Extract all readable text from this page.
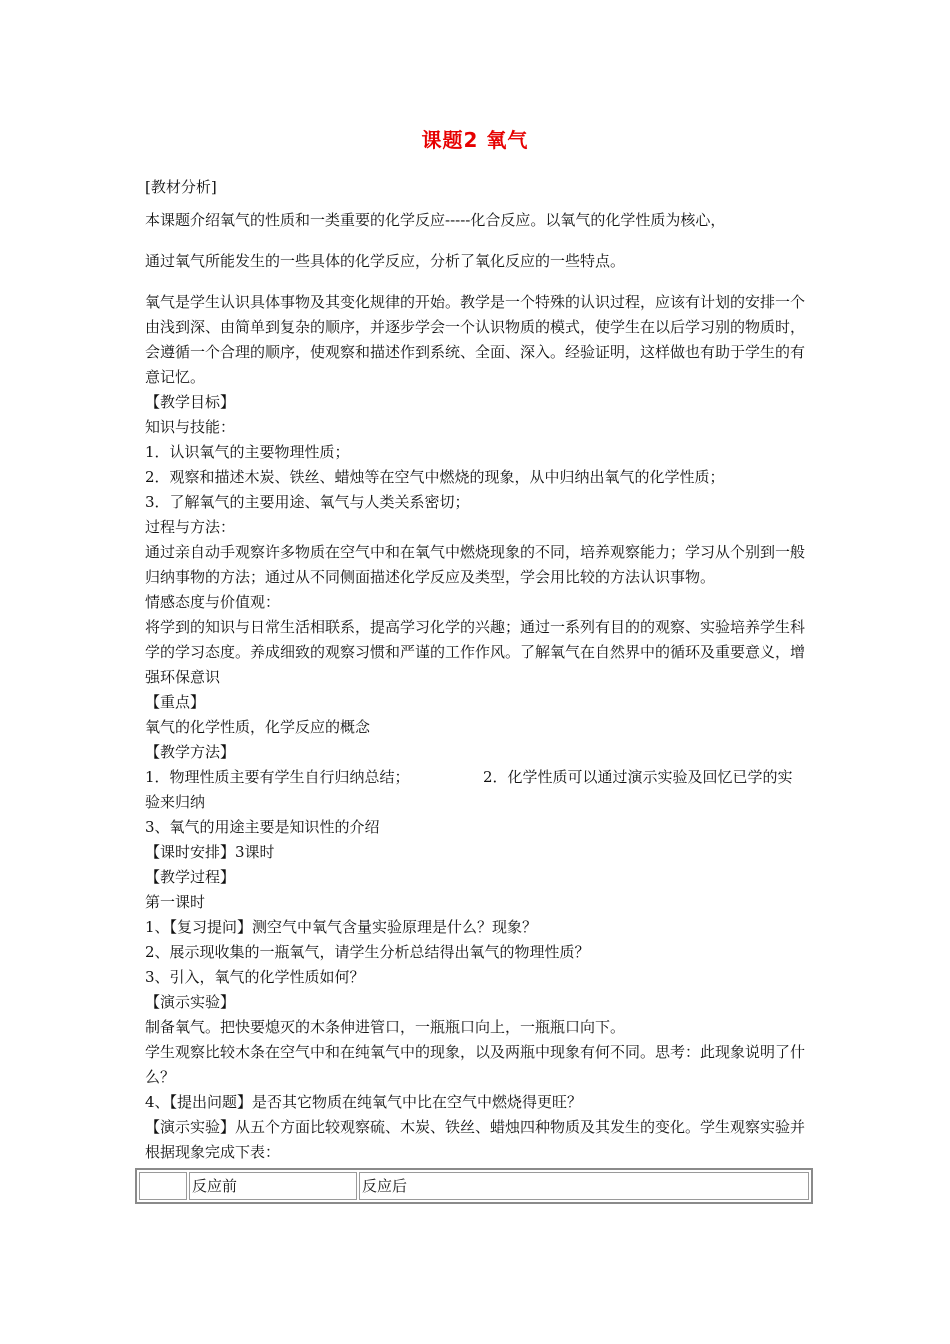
课题2 氧气

[教材分析]

本课题介绍氧气的性质和一类重要的化学反应-----化合反应。以氧气的化学性质为核心，

通过氧气所能发生的一些具体的化学反应，分析了氧化反应的一些特点。

氧气是学生认识具体事物及其变化规律的开始。教学是一个特殊的认识过程，应该有计划的安排一个由浅到深、由简单到复杂的顺序，并逐步学会一个认识物质的模式，使学生在以后学习别的物质时，会遵循一个合理的顺序，使观察和描述作到系统、全面、深入。经验证明，这样做也有助于学生的有意记忆。

【教学目标】

知识与技能：

1．认识氧气的主要物理性质；

2．观察和描述木炭、铁丝、蜡烛等在空气中燃烧的现象，从中归纳出氧气的化学性质；

3．了解氧气的主要用途、氧气与人类关系密切；

过程与方法：

通过亲自动手观察许多物质在空气中和在氧气中燃烧现象的不同，培养观察能力；学习从个别到一般归纳事物的方法；通过从不同侧面描述化学反应及类型，学会用比较的方法认识事物。

情感态度与价值观：

将学到的知识与日常生活相联系，提高学习化学的兴趣；通过一系列有目的的观察、实验培养学生科学的学习态度。养成细致的观察习惯和严谨的工作作风。了解氧气在自然界中的循环及重要意义，增强环保意识

【重点】

氧气的化学性质，化学反应的概念

【教学方法】

1．物理性质主要有学生自行归纳总结；	2．化学性质可以通过演示实验及回忆已学的实验来归纳

3、氧气的用途主要是知识性的介绍

【课时安排】3课时

【教学过程】

第一课时

1、【复习提问】测空气中氧气含量实验原理是什么？现象？

2、展示现收集的一瓶氧气，请学生分析总结得出氧气的物理性质？

3、引入，氧气的化学性质如何？

【演示实验】

制备氧气。把快要熄灭的木条伸进管口，一瓶瓶口向上，一瓶瓶口向下。

学生观察比较木条在空气中和在纯氧气中的现象，以及两瓶中现象有何不同。思考：此现象说明了什么？

4、【提出问题】是否其它物质在纯氧气中比在空气中燃烧得更旺？

【演示实验】从五个方面比较观察硫、木炭、铁丝、蜡烛四种物质及其发生的变化。学生观察实验并根据现象完成下表：

	反应前	反应后
